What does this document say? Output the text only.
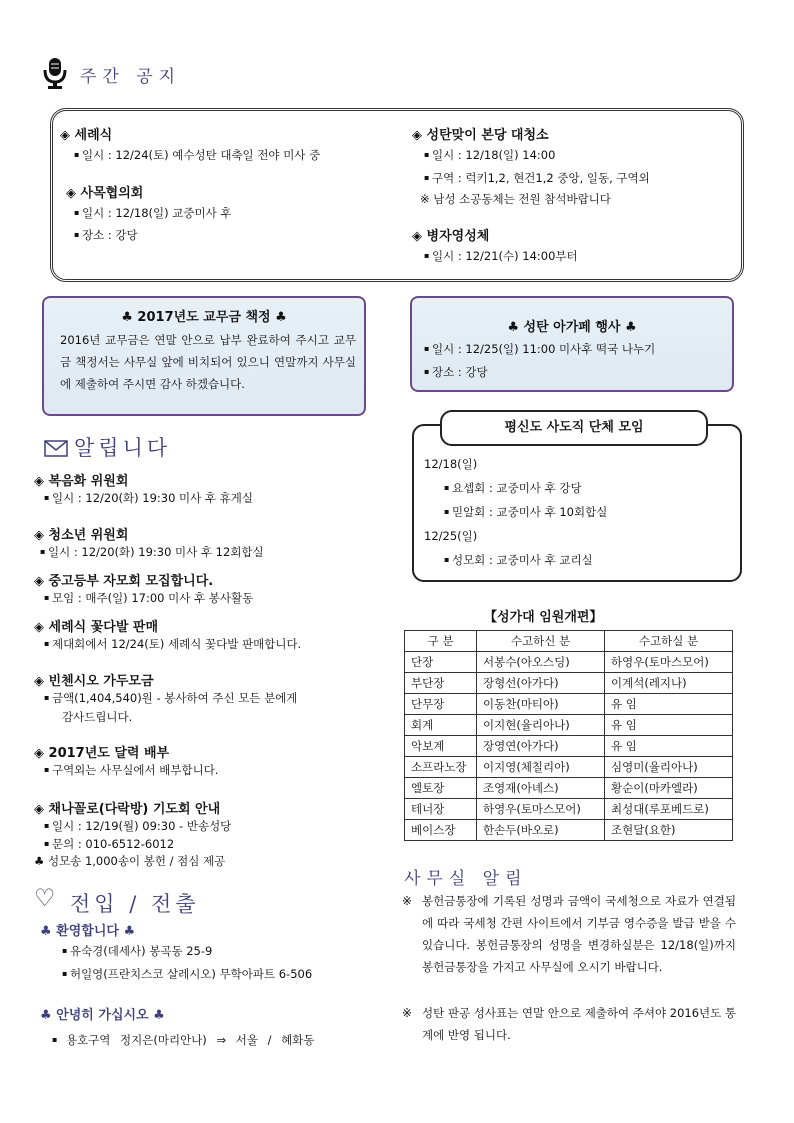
주간 공지
◈ 세례식
▪ 일시 : 12/24(토) 예수성탄 대축일 전야 미사 중
◈ 사목협의회
▪ 일시 : 12/18(일) 교중미사 후
▪ 장소 : 강당
◈ 성탄맞이 본당 대청소
▪ 일시 : 12/18(일) 14:00
▪ 구역 : 럭키1,2, 현건1,2 중앙, 일동, 구역외
※ 남성 소공동체는 전원 참석바랍니다
◈ 병자영성체
▪ 일시 : 12/21(수) 14:00부터
♣ 2017년도 교무금 책정 ♣
2016년 교무금은 연말 안으로 납부 완료하여 주시고 교무금 책정서는 사무실 앞에 비치되어 있으니 연말까지 사무실에 제출하여 주시면 감사 하겠습니다.
♣ 성탄 아가페 행사 ♣
▪ 일시 : 12/25(일) 11:00 미사후 떡국 나누기
▪ 장소 : 강당
알립니다
◈ 복음화 위원회
▪ 일시 : 12/20(화) 19:30 미사 후 휴게실
◈ 청소년 위원회
▪ 일시 : 12/20(화) 19:30 미사 후 12회합실
◈ 중고등부 자모회 모집합니다.
▪ 모임 : 매주(일) 17:00 미사 후 봉사활동
◈ 세례식 꽃다발 판매
▪ 제대회에서 12/24(토) 세례식 꽃다발 판매합니다.
◈ 빈첸시오 가두모금
▪ 금액(1,404,540)원 - 봉사하여 주신 모든 분에게
감사드립니다.
◈ 2017년도 달력 배부
▪ 구역외는 사무실에서 배부합니다.
◈ 채나꼴로(다락방) 기도회 안내
▪ 일시 : 12/19(월) 09:30 - 반송성당
▪ 문의 : 010-6512-6012
♣ 성모송 1,000송이 봉헌 / 점심 제공
♡ 전입 / 전출
♣ 환영합니다 ♣
▪ 유숙경(데세사) 봉곡동 25-9
▪ 허일영(프란치스코 살레시오) 무학아파트 6-506
♣ 안녕히 가십시오 ♣
▪ 용호구역 정지은(마리안나) ⇒ 서울 / 혜화동
평신도 사도직 단체 모임
12/18(일)
▪ 요셉회 : 교중미사 후 강당
▪ 믿알회 : 교중미사 후 10회합실
12/25(일)
▪ 성모회 : 교중미사 후 교리실
【성가대 임원개편】
구 분	수고하신 분	수고하실 분
단장	서봉수(아오스딩)	하영우(토마스모어)
부단장	장형선(아가다)	이계석(레지나)
단무장	이동찬(마티아)	유 임
회계	이지현(율리아나)	유 임
악보계	장영연(아가다)	유 임
소프라노장	이지영(체칠리아)	심영미(율리아나)
엘토장	조영재(아녜스)	황순이(마카엘라)
테너장	하영우(토마스모어)	최성대(루포베드로)
베이스장	한손두(바오로)	조현달(요한)
사무실 알림
※ 봉헌금통장에 기록된 성명과 금액이 국세청으로 자료가 연결됨에 따라 국세청 간편 사이트에서 기부금 영수증을 발급 받을 수 있습니다. 봉헌금통장의 성명을 변경하실분은 12/18(일)까지 봉헌금통장을 가지고 사무실에 오시기 바랍니다.
※ 성탄 판공 성사표는 연말 안으로 제출하여 주셔야 2016년도 통계에 반영 됩니다.
